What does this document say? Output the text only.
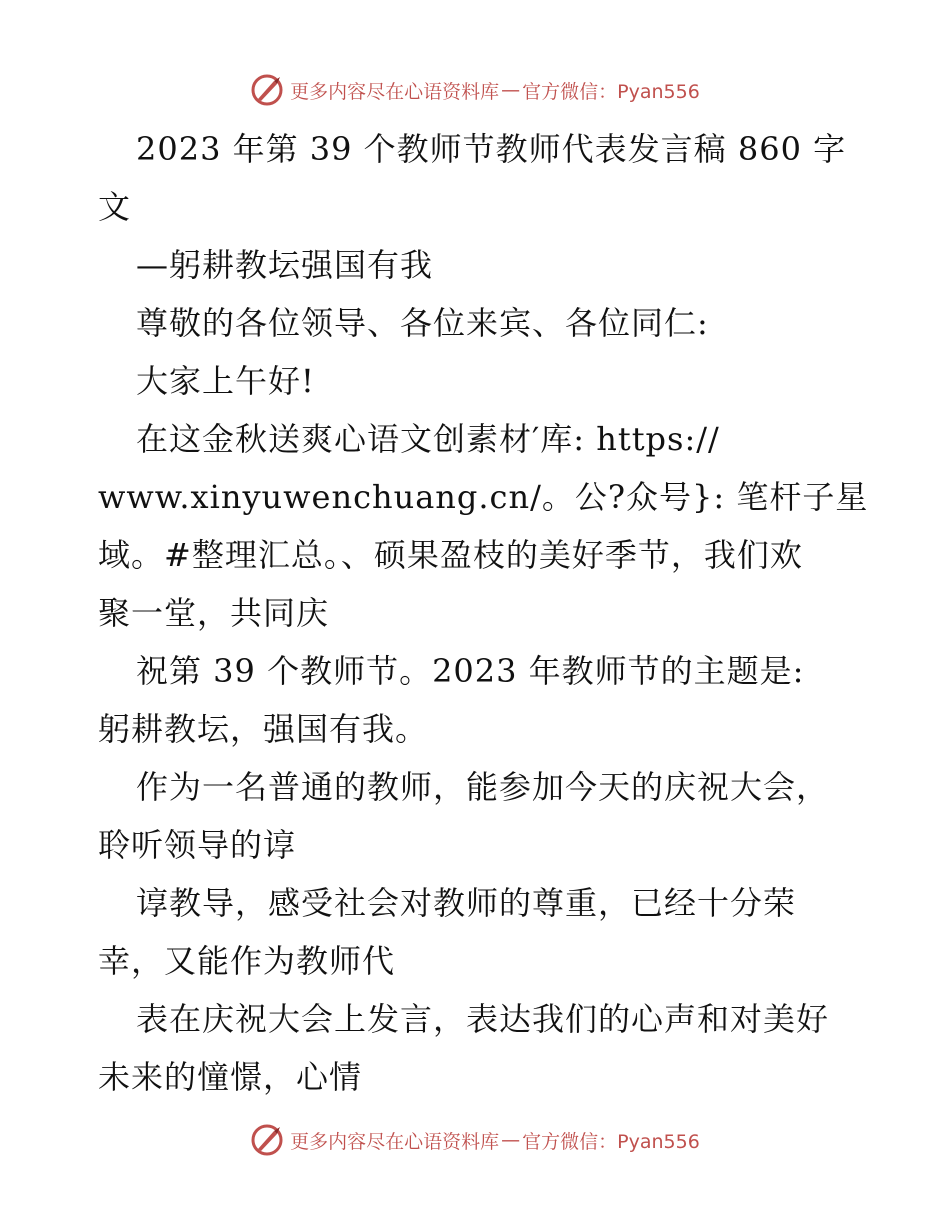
更多内容尽在心语资料库 — 官方微信：Pyan556
2023 年第 39 个教师节教师代表发言稿 860 字
文
—躬耕教坛强国有我
尊敬的各位领导、各位来宾、各位同仁:
大家上午好!
在这金秋送爽心语文创素材′库: https://
www.xinyuwenchuang.cn/。公?众号}: 笔杆子星
域。#整理汇总。、硕果盈枝的美好季节，我们欢
聚一堂，共同庆
祝第 39 个教师节。2023 年教师节的主题是:
躬耕教坛，强国有我。
作为一名普通的教师，能参加今天的庆祝大会，
聆听领导的谆
谆教导，感受社会对教师的尊重，已经十分荣
幸，又能作为教师代
表在庆祝大会上发言，表达我们的心声和对美好
未来的憧憬，心情
更多内容尽在心语资料库 — 官方微信：Pyan556
